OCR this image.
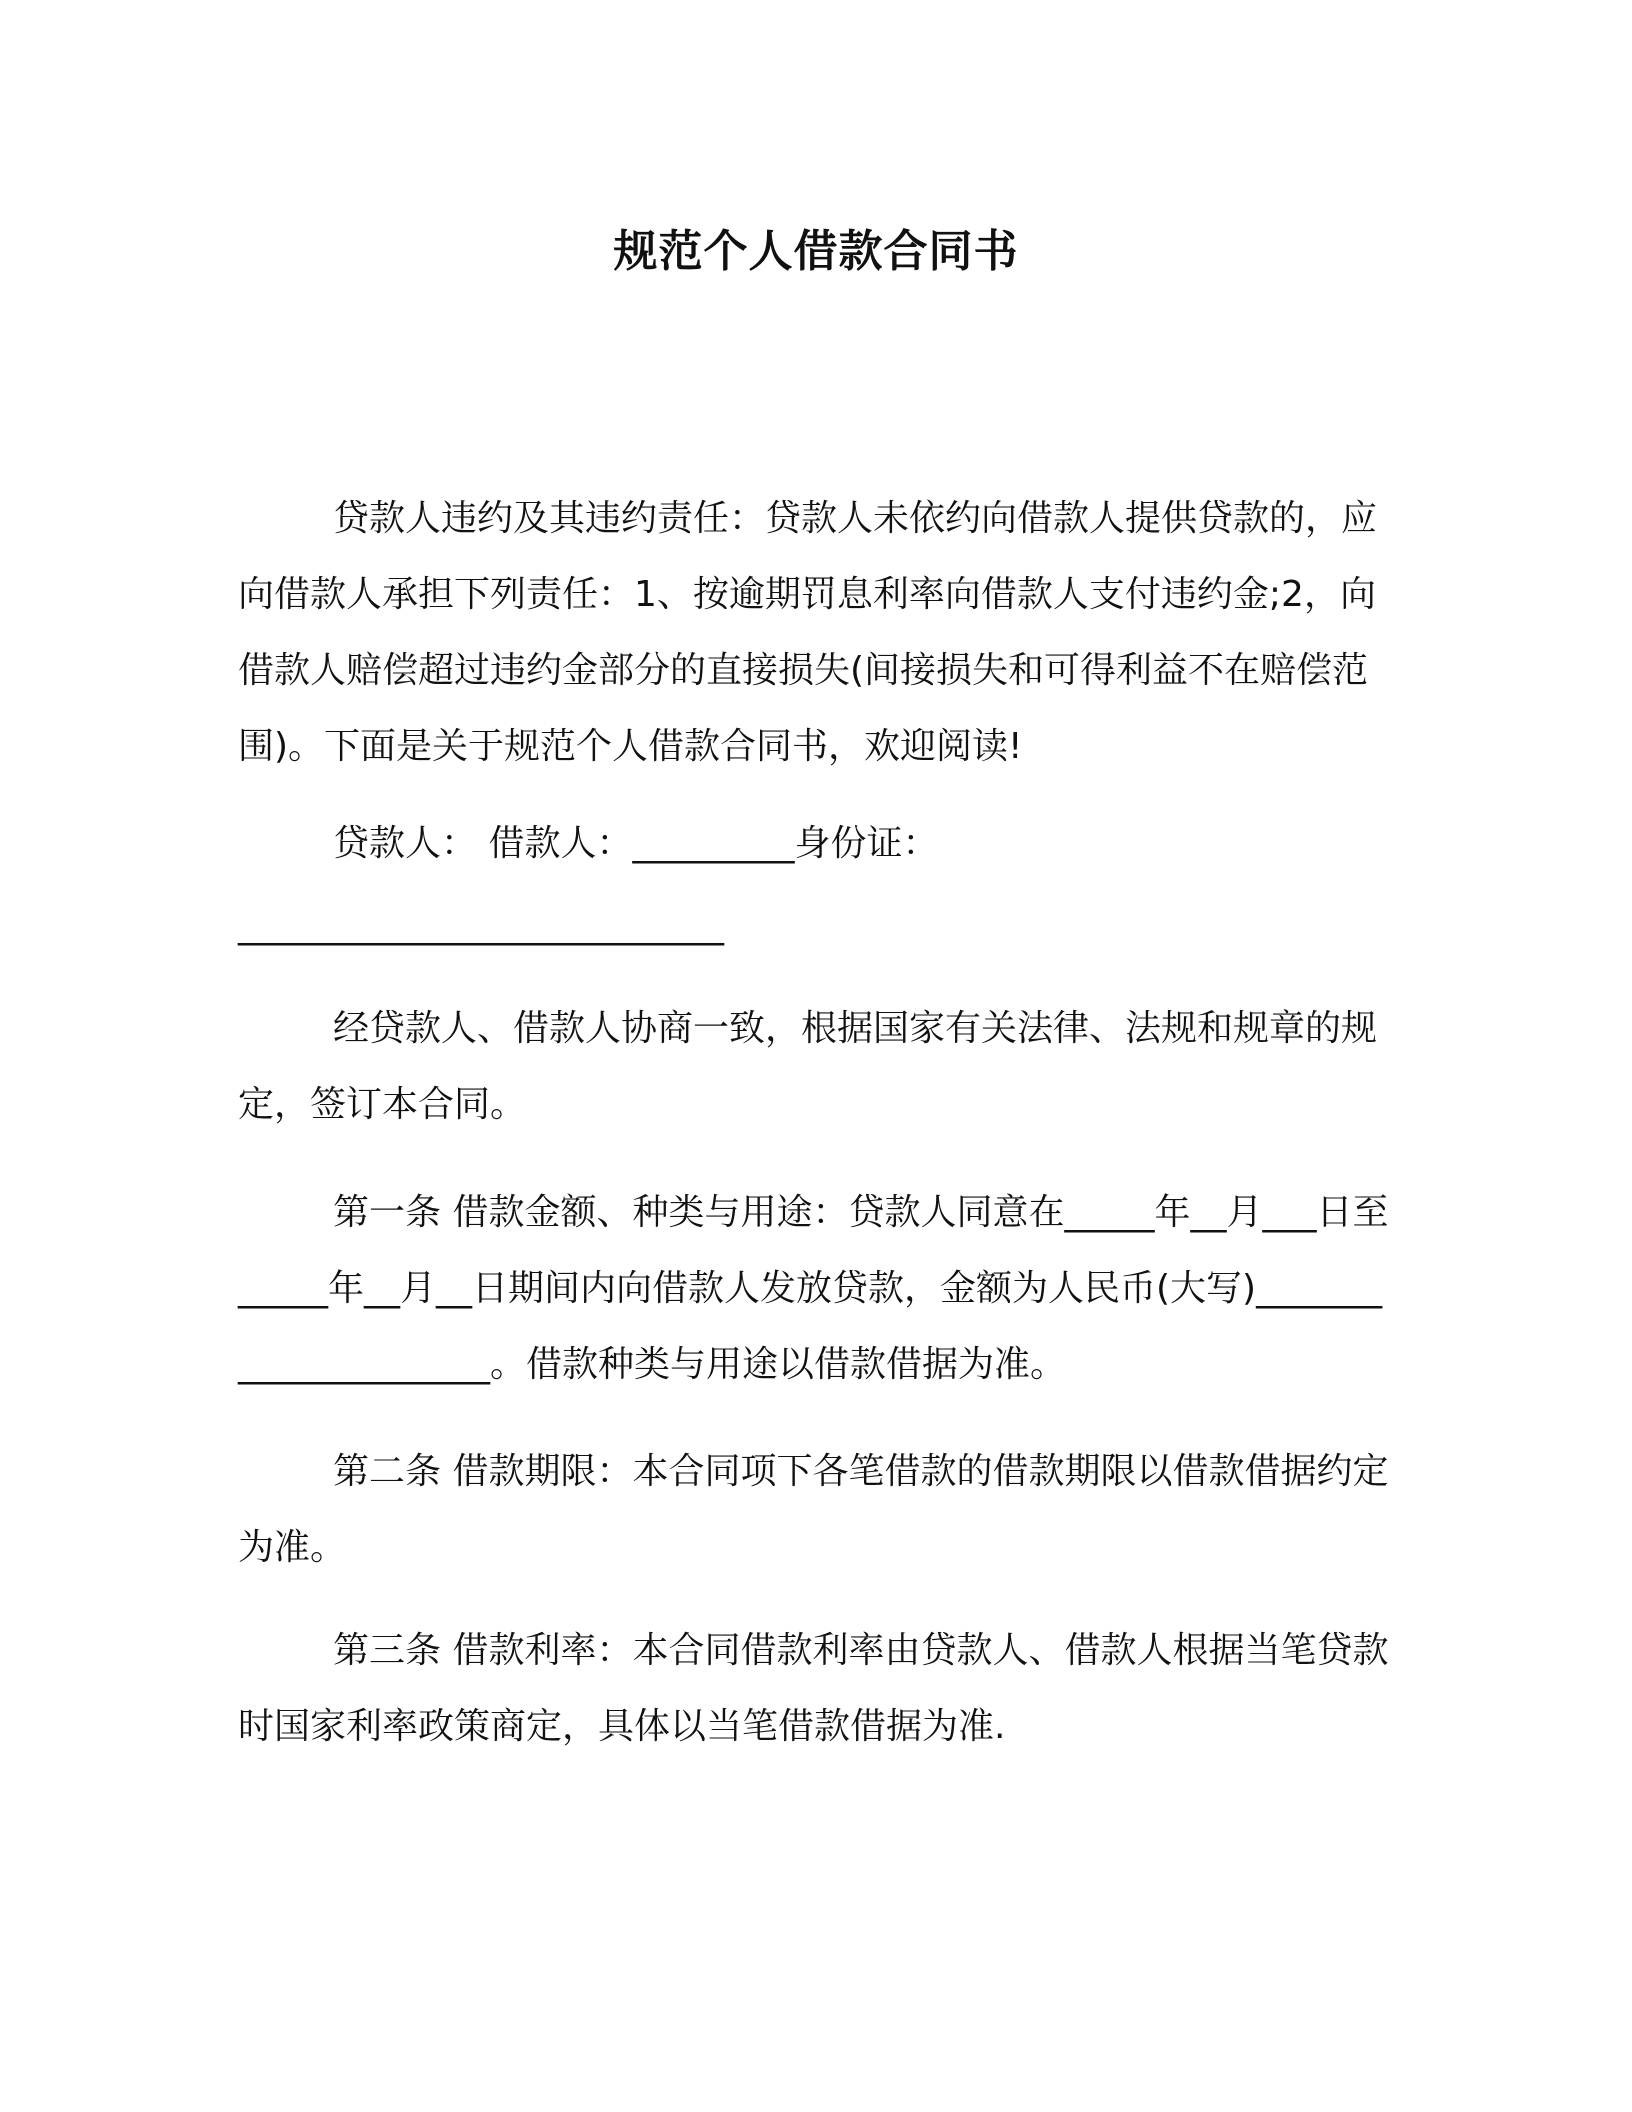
规范个人借款合同书

贷款人违约及其违约责任：贷款人未依约向借款人提供贷款的，应向借款人承担下列责任：1、按逾期罚息利率向借款人支付违约金;2，向借款人赔偿超过违约金部分的直接损失(间接损失和可得利益不在赔偿范围)。下面是关于规范个人借款合同书，欢迎阅读!

贷款人： 借款人：_________身份证：

___________________________

经贷款人、借款人协商一致，根据国家有关法律、法规和规章的规定，签订本合同。

第一条 借款金额、种类与用途：贷款人同意在_____年__月___日至_____年__月__日期间内向借款人发放贷款，金额为人民币(大写)_____________________。借款种类与用途以借款借据为准。

第二条 借款期限：本合同项下各笔借款的借款期限以借款借据约定为准。

第三条 借款利率：本合同借款利率由贷款人、借款人根据当笔贷款时国家利率政策商定，具体以当笔借款借据为准.
